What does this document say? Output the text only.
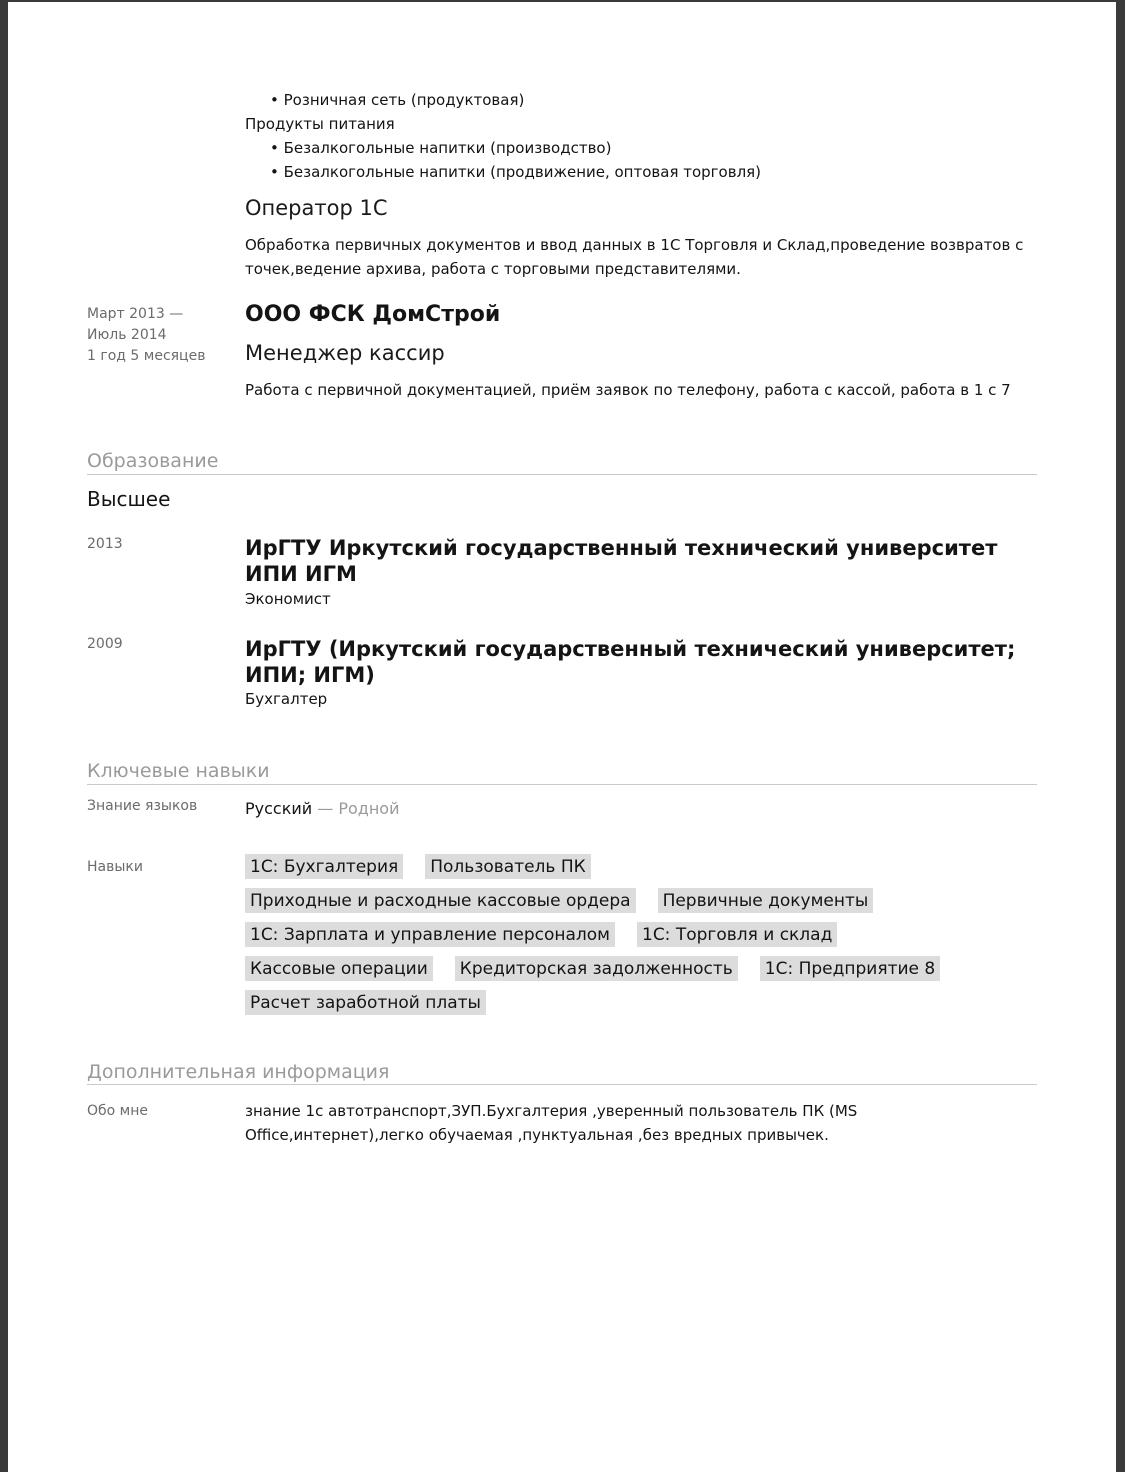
• Розничная сеть (продуктовая)
Продукты питания
• Безалкогольные напитки (производство)
• Безалкогольные напитки (продвижение, оптовая торговля)
Оператор 1С
Обработка первичных документов и ввод данных в 1С Торговля и Склад,проведение возвратов с точек,ведение архива, работа с торговыми представителями.
Март 2013 —
Июль 2014
1 год 5 месяцев
ООО ФСК ДомСтрой
Менеджер кассир
Работа с первичной документацией, приём заявок по телефону, работа с кассой, работа в 1 с 7
Образование
Высшее
2013	ИрГТУ Иркутский государственный технический университет ИПИ ИГМ
Экономист
2009	ИрГТУ (Иркутский государственный технический университет; ИПИ; ИГМ)
Бухгалтер
Ключевые навыки
Знание языков	Русский — Родной
Навыки	1С: Бухгалтерия Пользователь ПК
Приходные и расходные кассовые ордера Первичные документы
1С: Зарплата и управление персоналом 1С: Торговля и склад
Кассовые операции Кредиторская задолженность 1С: Предприятие 8
Расчет заработной платы
Дополнительная информация
Обо мне	знание 1с автотранспорт,ЗУП.Бухгалтерия ,уверенный пользователь ПК (MS Office,интернет),легко обучаемая ,пунктуальная ,без вредных привычек.
